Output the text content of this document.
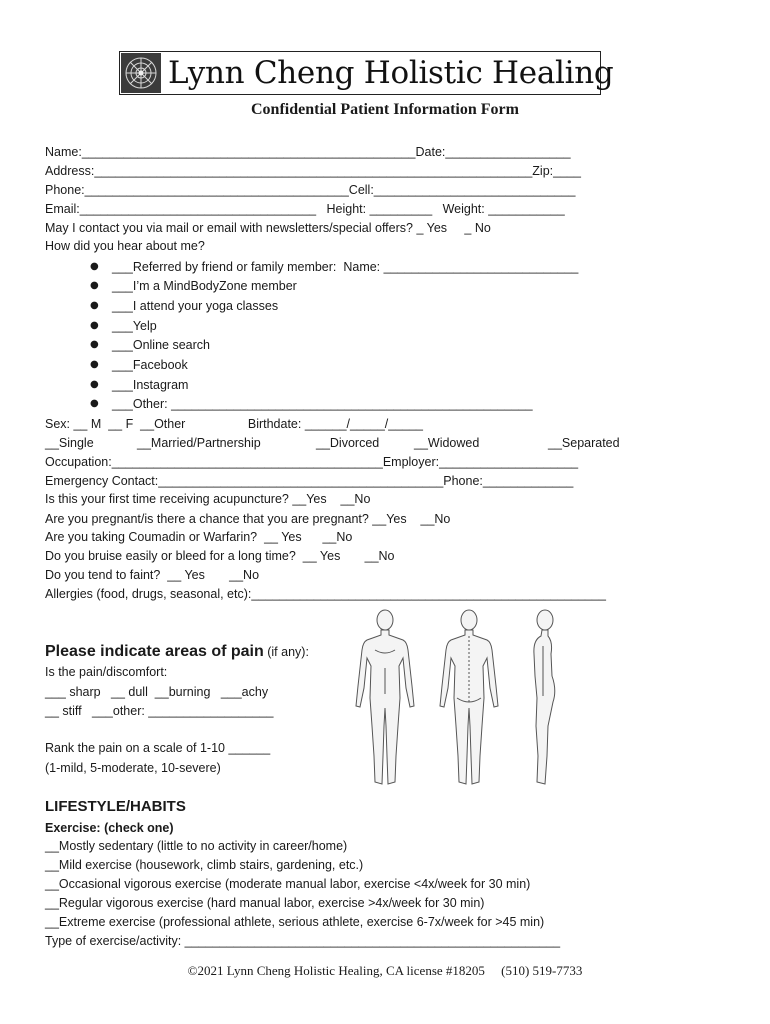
Lynn Cheng Holistic Healing
Confidential Patient Information Form
Name:________________________________________________Date:__________________
Address:_______________________________________________________________Zip:____
Phone:______________________________________Cell:_____________________________
Email:__________________________________   Height: _________   Weight: ___________
May I contact you via mail or email with newsletters/special offers? _ Yes     _ No
How did you hear about me?
● ___Referred by friend or family member:  Name: ____________________________
● ___I’m a MindBodyZone member
● ___I attend your yoga classes
● ___Yelp
● ___Online search
● ___Facebook
● ___Instagram
● ___Other: ____________________________________________________
Sex: __ M  __ F  __Other                  Birthdate: ______/_____/_____
__Single	__Married/Partnership	__Divorced	__Widowed	__Separated
Occupation:_______________________________________Employer:____________________
Emergency Contact:_________________________________________Phone:_____________
Is this your first time receiving acupuncture? __Yes    __No
Are you pregnant/is there a chance that you are pregnant? __Yes    __No
Are you taking Coumadin or Warfarin?  __ Yes      __No
Do you bruise easily or bleed for a long time?  __ Yes       __No
Do you tend to faint?  __ Yes       __No
Allergies (food, drugs, seasonal, etc):___________________________________________________
Please indicate areas of pain (if any):
Is the pain/discomfort:
___ sharp   __ dull  __burning   ___achy
__ stiff   ___other: __________________
Rank the pain on a scale of 1-10 ______
(1-mild, 5-moderate, 10-severe)
LIFESTYLE/HABITS
Exercise: (check one)
__Mostly sedentary (little to no activity in career/home)
__Mild exercise (housework, climb stairs, gardening, etc.)
__Occasional vigorous exercise (moderate manual labor, exercise <4x/week for 30 min)
__Regular vigorous exercise (hard manual labor, exercise >4x/week for 30 min)
__Extreme exercise (professional athlete, serious athlete, exercise 6-7x/week for >45 min)
Type of exercise/activity: ______________________________________________________
©2021 Lynn Cheng Holistic Healing, CA license #18205     (510) 519-7733
